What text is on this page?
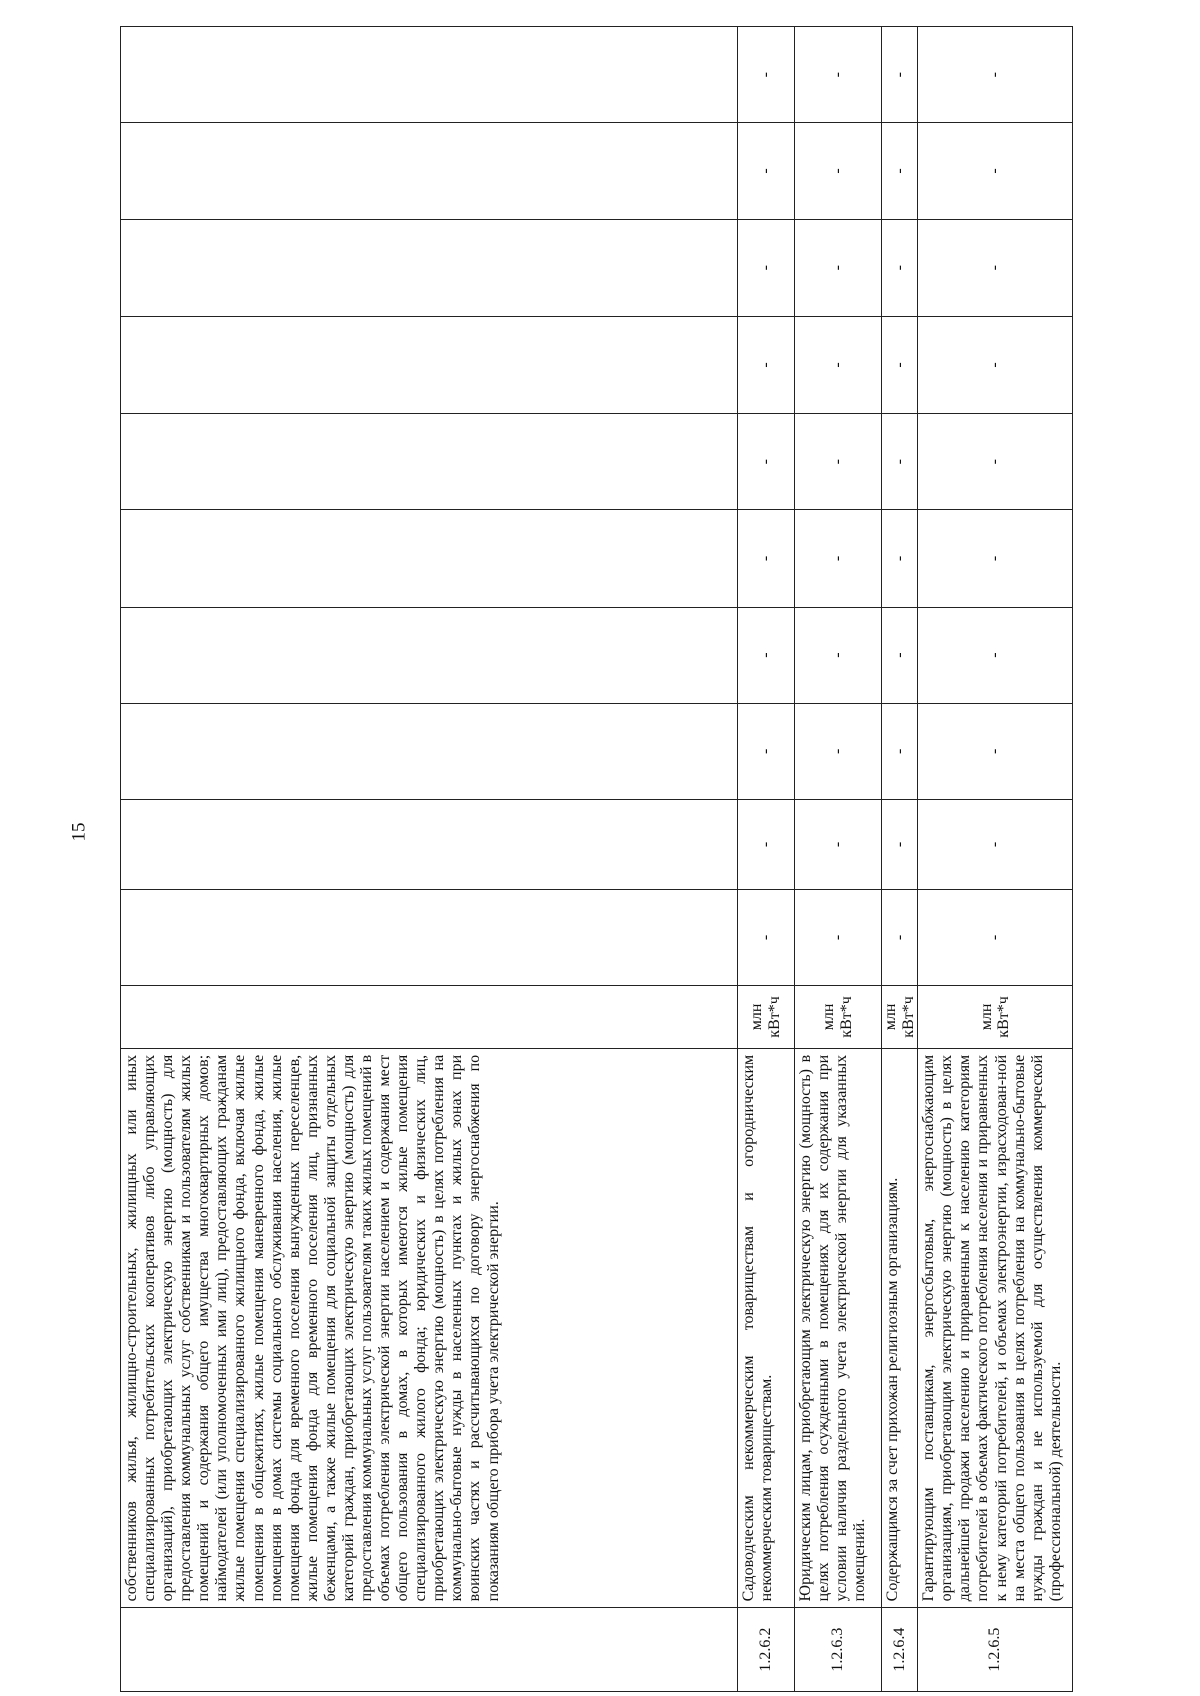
15
	собственников жилья, жилищно-строительных, жилищных или иных специализированных потребительских кооперативов либо управляющих организаций), приобретающих электрическую энергию (мощность) для предоставления коммунальных услуг собственникам и пользователям жилых помещений и содержания общего имущества многоквартирных домов; наймодателей (или уполномоченных ими лиц), предоставляющих гражданам жилые помещения специализированного жилищного фонда, включая жилые помещения в общежитиях, жилые помещения маневренного фонда, жилые помещения в домах системы социального обслуживания населения, жилые помещения фонда для временного поселения вынужденных переселенцев, жилые помещения фонда для временного поселения лиц, признанных беженцами, а также жилые помещения для социальной защиты отдельных категорий граждан, приобретающих электрическую энергию (мощность) для предоставления коммунальных услуг пользователям таких жилых помещений в объемах потребления электрической энергии населением и содержания мест общего пользования в домах, в которых имеются жилые помещения специализированного жилого фонда; юридических и физических лиц, приобретающих электрическую энергию (мощность) в целях потребления на коммунально-бытовые нужды в населенных пунктах и жилых зонах при воинских частях и рассчитывающихся по договору энергоснабжения по показаниям общего прибора учета электрической энергии.											
1.2.6.2	Садоводческим некоммерческим товариществам и огородническим некоммерческим товариществам.	млн кВт*ч	-	-	-	-	-	-	-	-	-	-
1.2.6.3	Юридическим лицам, приобретающим электрическую энергию (мощность) в целях потребления осужденными в помещениях для их содержания при условии наличия раздельного учета электрической энергии для указанных помещений.	млн кВт*ч	-	-	-	-	-	-	-	-	-	-
1.2.6.4	Содержащимся за счет прихожан религиозным организациям.	млн кВт*ч	-	-	-	-	-	-	-	-	-	-
1.2.6.5	Гарантирующим поставщикам, энергосбытовым, энергоснабжающим организациям, приобретающим электрическую энергию (мощность) в целях дальнейшей продажи населению и приравненным к населению категориям потребителей в объемах фактического потребления населения и приравненных к нему категорий потребителей, и объемах электроэнергии, израсходован-ной на места общего пользования в целях потребления на коммунально-бытовые нужды граждан и не используемой для осуществления коммерческой (профессиональной) деятельности.	млн кВт*ч	-	-	-	-	-	-	-	-	-	-
